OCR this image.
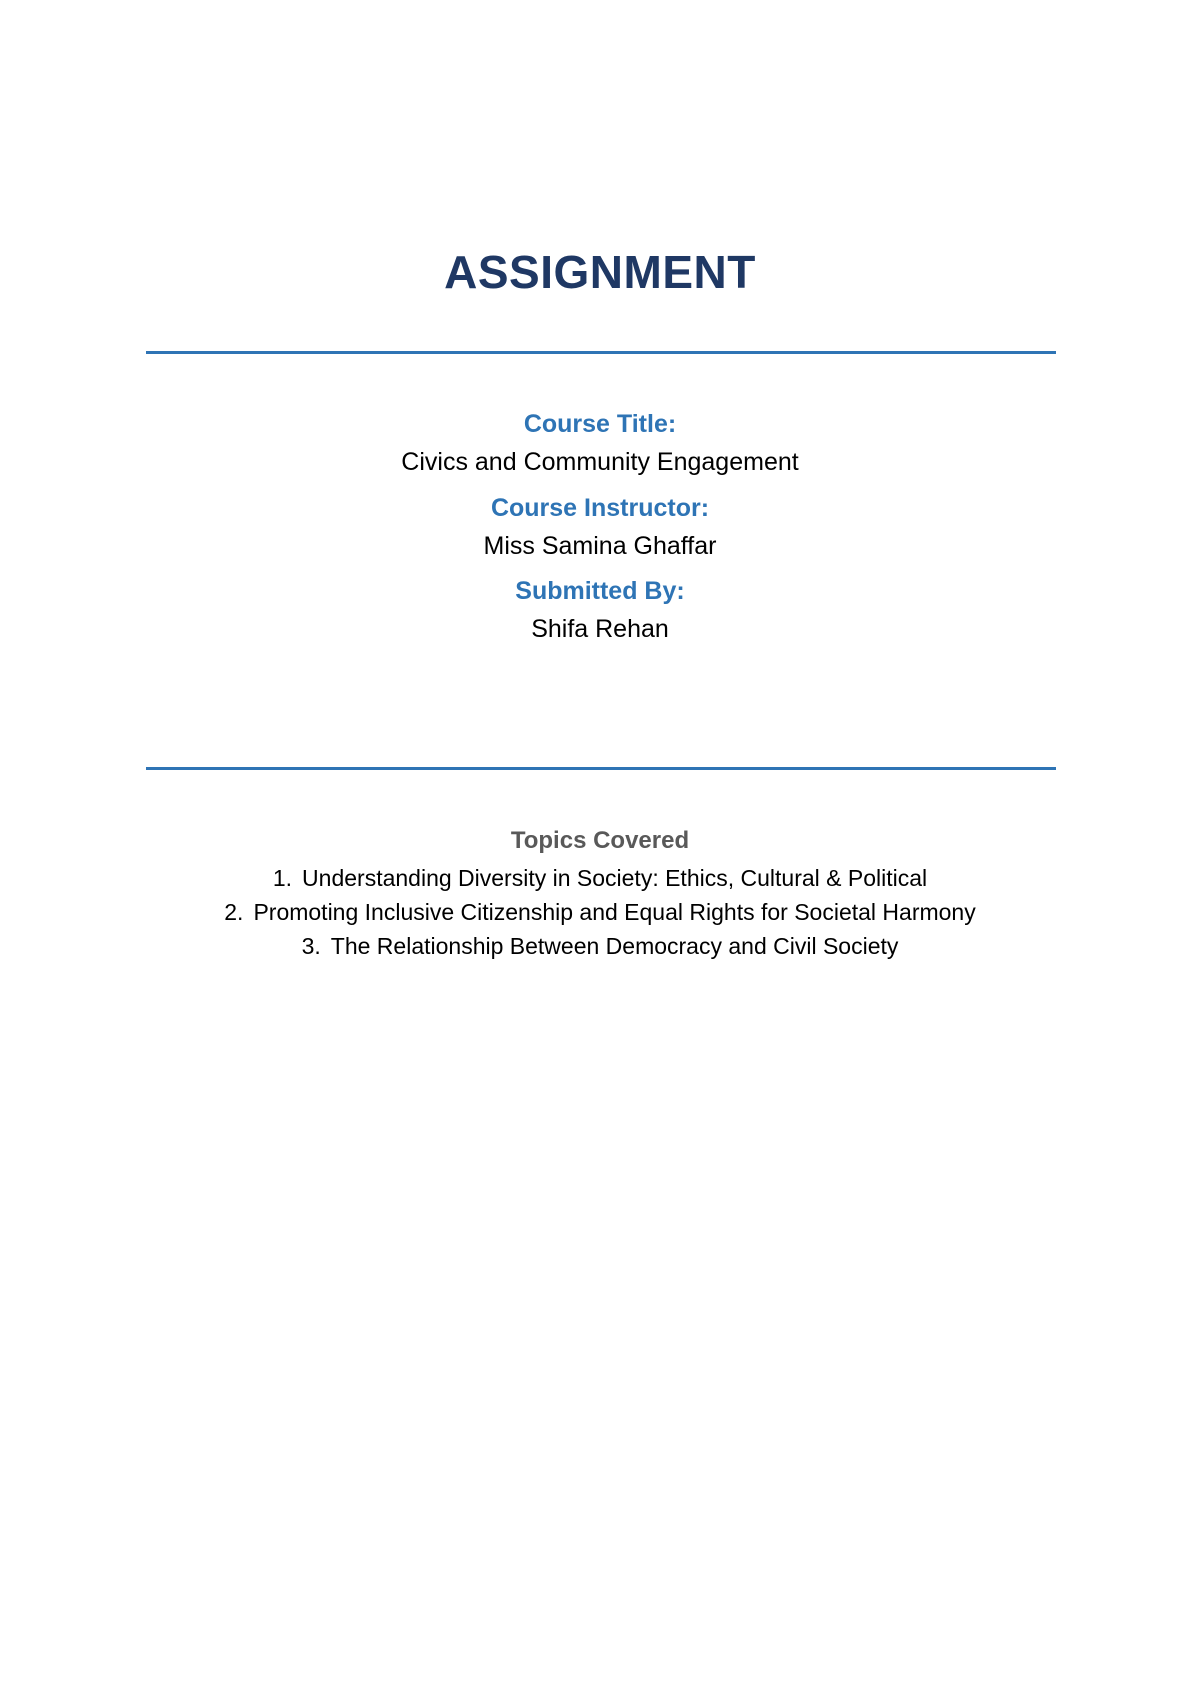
ASSIGNMENT
Course Title:
Civics and Community Engagement
Course Instructor:
Miss Samina Ghaffar
Submitted By:
Shifa Rehan
Topics Covered
1. Understanding Diversity in Society: Ethics, Cultural & Political
2. Promoting Inclusive Citizenship and Equal Rights for Societal Harmony
3. The Relationship Between Democracy and Civil Society
